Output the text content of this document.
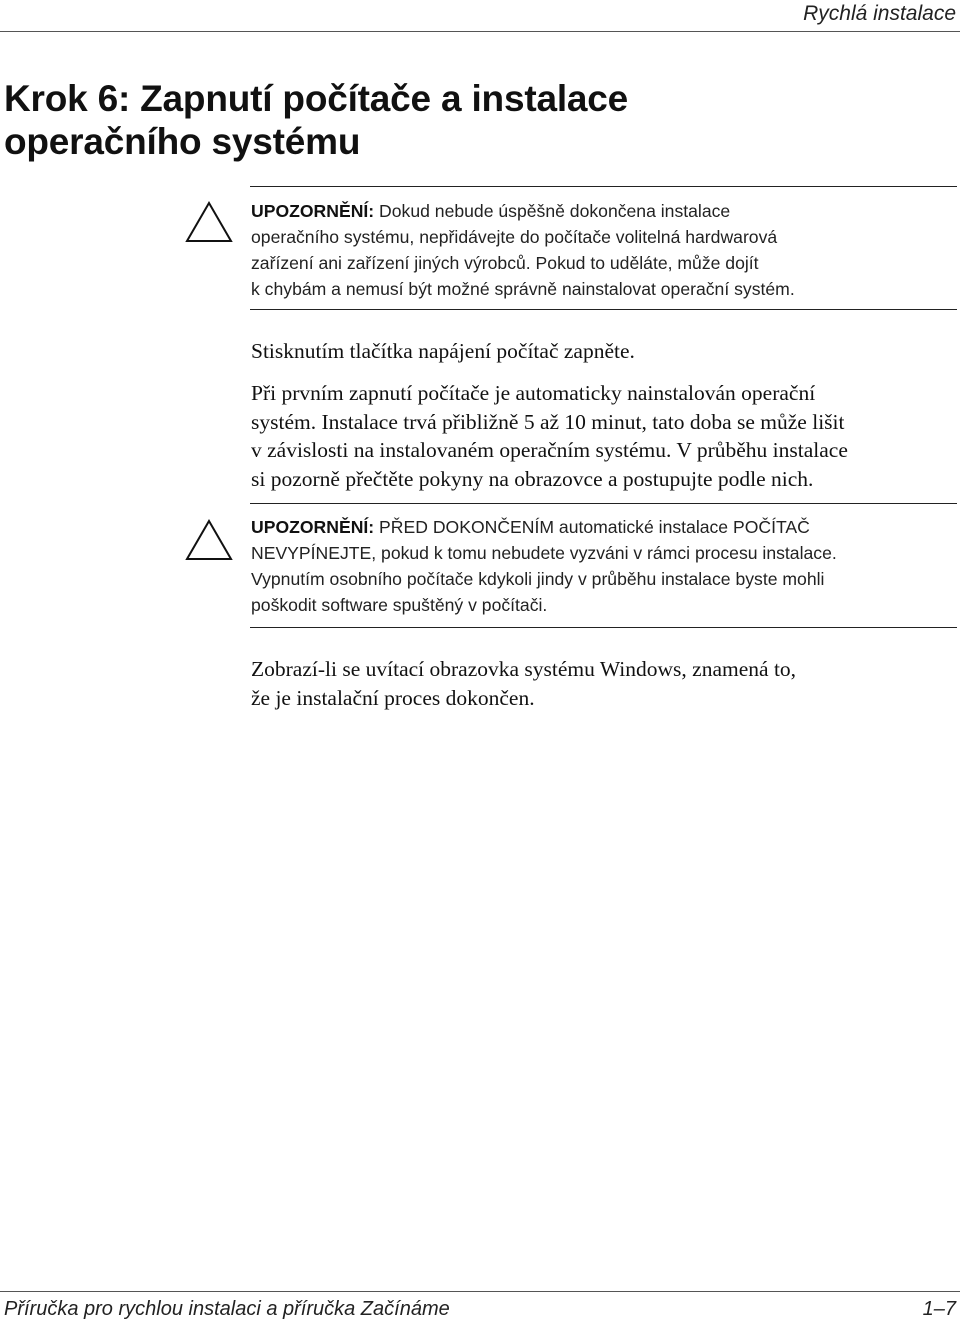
Rychlá instalace
Krok 6: Zapnutí počítače a instalace
operačního systému
UPOZORNĚNÍ: Dokud nebude úspěšně dokončena instalace
operačního systému, nepřidávejte do počítače volitelná hardwarová
zařízení ani zařízení jiných výrobců. Pokud to uděláte, může dojít
k chybám a nemusí být možné správně nainstalovat operační systém.
Stisknutím tlačítka napájení počítač zapněte.
Při prvním zapnutí počítače je automaticky nainstalován operační
systém. Instalace trvá přibližně 5 až 10 minut, tato doba se může lišit
v závislosti na instalovaném operačním systému. V průběhu instalace
si pozorně přečtěte pokyny na obrazovce a postupujte podle nich.
UPOZORNĚNÍ: PŘED DOKONČENÍM automatické instalace POČÍTAČ
NEVYPÍNEJTE, pokud k tomu nebudete vyzváni v rámci procesu instalace.
Vypnutím osobního počítače kdykoli jindy v průběhu instalace byste mohli
poškodit software spuštěný v počítači.
Zobrazí-li se uvítací obrazovka systému Windows, znamená to,
že je instalační proces dokončen.
Příručka pro rychlou instalaci a příručka Začínáme	1–7
